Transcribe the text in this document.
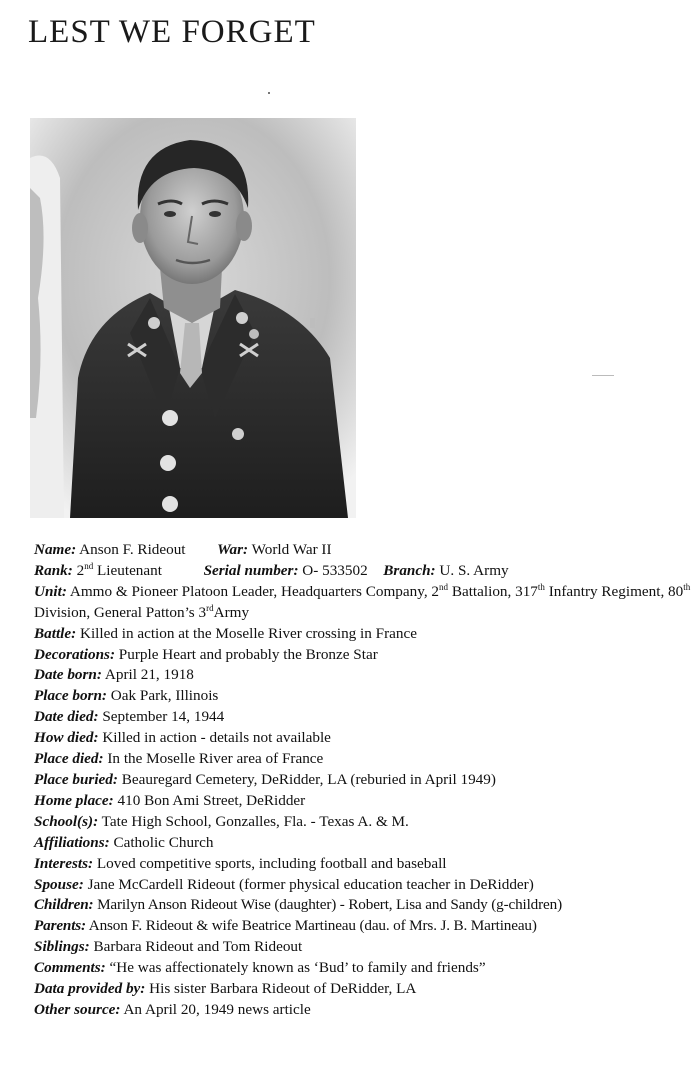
LEST WE FORGET
Name: Anson F. Rideout War: World War II
Rank: 2nd Lieutenant	Serial number: O- 533502 Branch: U. S. Army
Unit: Ammo & Pioneer Platoon Leader, Headquarters Company, 2nd Battalion, 317th Infantry Regiment, 80th Division, General Patton’s 3rdArmy
Battle: Killed in action at the Moselle River crossing in France
Decorations: Purple Heart and probably the Bronze Star
Date born: April 21, 1918
Place born: Oak Park, Illinois
Date died: September 14, 1944
How died: Killed in action - details not available
Place died: In the Moselle River area of France
Place buried: Beauregard Cemetery, DeRidder, LA (reburied in April 1949)
Home place: 410 Bon Ami Street, DeRidder
School(s): Tate High School, Gonzalles, Fla. - Texas A. & M.
Affiliations: Catholic Church
Interests: Loved competitive sports, including football and baseball
Spouse: Jane McCardell Rideout (former physical education teacher in DeRidder)
Children: Marilyn Anson Rideout Wise (daughter) - Robert, Lisa and Sandy (g-children)
Parents: Anson F. Rideout & wife Beatrice Martineau (dau. of Mrs. J. B. Martineau)
Siblings: Barbara Rideout and Tom Rideout
Comments: “He was affectionately known as ‘Bud’ to family and friends”
Data provided by: His sister Barbara Rideout of DeRidder, LA
Other source: An April 20, 1949 news article
